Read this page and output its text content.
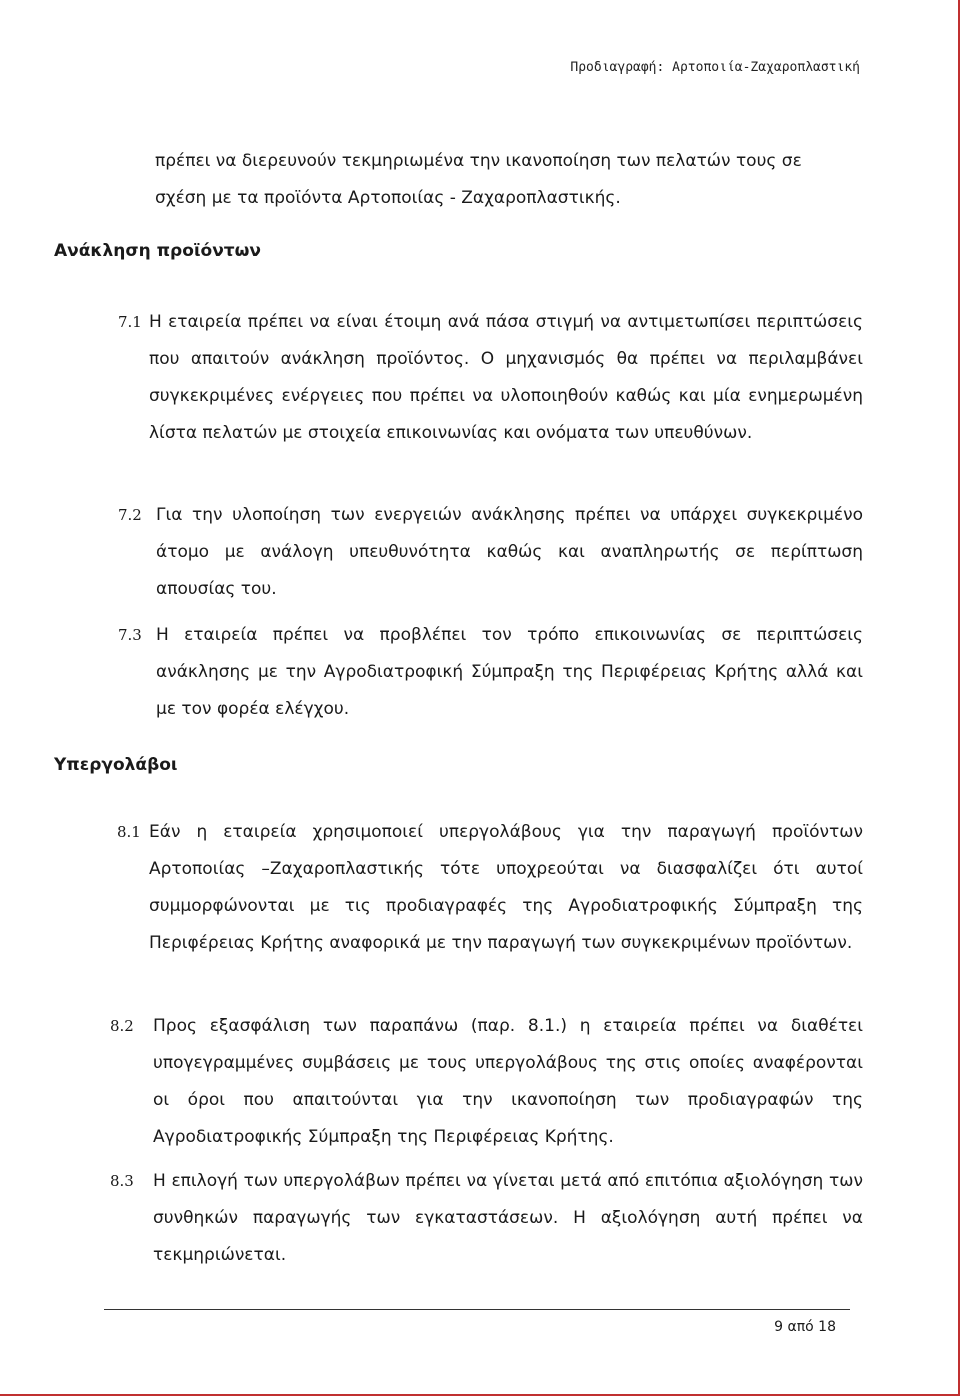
Προδιαγραφή: Αρτοποιία-Ζαχαροπλαστική
πρέπει να διερευνούν τεκμηριωμένα την ικανοποίηση των πελατών τους σε σχέση με τα προϊόντα Αρτοποιίας - Ζαχαροπλαστικής.
Ανάκληση προϊόντων
7.1 Η εταιρεία πρέπει να είναι έτοιμη ανά πάσα στιγμή να αντιμετωπίσει περιπτώσεις που απαιτούν ανάκληση προϊόντος. Ο μηχανισμός θα πρέπει να περιλαμβάνει συγκεκριμένες ενέργειες που πρέπει να υλοποιηθούν καθώς και μία ενημερωμένη λίστα πελατών με στοιχεία επικοινωνίας και ονόματα των υπευθύνων.
7.2 Για την υλοποίηση των ενεργειών ανάκλησης πρέπει να υπάρχει συγκεκριμένο άτομο με ανάλογη υπευθυνότητα καθώς και αναπληρωτής σε περίπτωση απουσίας του.
7.3 Η εταιρεία πρέπει να προβλέπει τον τρόπο επικοινωνίας σε περιπτώσεις ανάκλησης με την Αγροδιατροφική Σύμπραξη της Περιφέρειας Κρήτης αλλά και με τον φορέα ελέγχου.
Υπεργολάβοι
8.1 Εάν η εταιρεία χρησιμοποιεί υπεργολάβους για την παραγωγή προϊόντων Αρτοποιίας –Ζαχαροπλαστικής τότε υποχρεούται να διασφαλίζει ότι αυτοί συμμορφώνονται με τις προδιαγραφές της Αγροδιατροφικής Σύμπραξη της Περιφέρειας Κρήτης αναφορικά με την παραγωγή των συγκεκριμένων προϊόντων.
8.2	Προς εξασφάλιση των παραπάνω (παρ. 8.1.) η εταιρεία πρέπει να διαθέτει υπογεγραμμένες συμβάσεις με τους υπεργολάβους της στις οποίες αναφέρονται οι όροι που απαιτούνται για την ικανοποίηση των προδιαγραφών της Αγροδιατροφικής Σύμπραξη της Περιφέρειας Κρήτης.
8.3	Η επιλογή των υπεργολάβων πρέπει να γίνεται μετά από επιτόπια αξιολόγηση των συνθηκών παραγωγής των εγκαταστάσεων. Η αξιολόγηση αυτή πρέπει να τεκμηριώνεται.
9 από 18
